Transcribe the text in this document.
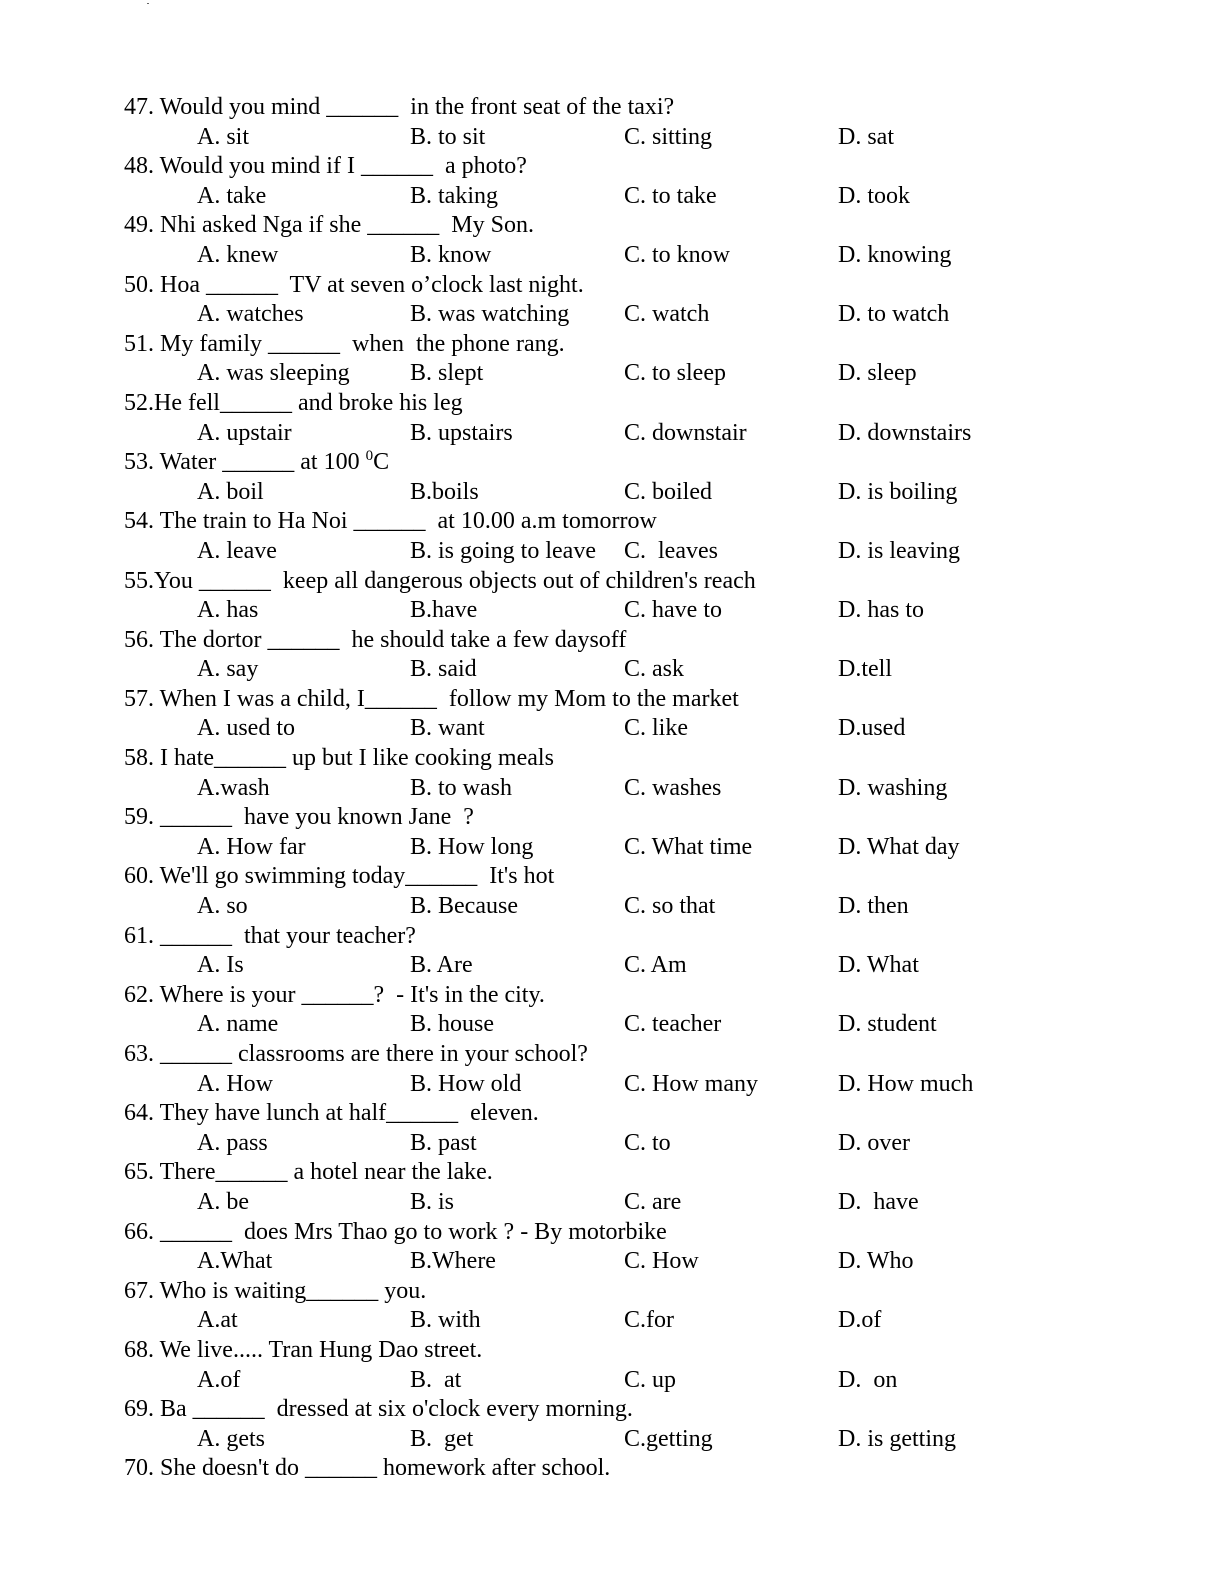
47. Would you mind ______  in the front seat of the taxi?
A. sit	B. to sit	C. sitting	D. sat
48. Would you mind if I ______  a photo?
A. take	B. taking	C. to take	D. took
49. Nhi asked Nga if she ______  My Son.
A. knew	B. know	C. to know	D. knowing
50. Hoa ______  TV at seven o’clock last night.
A. watches	B. was watching C. watch	D. to watch
51. My family ______  when  the phone rang.
A. was sleeping	B. slept	C. to sleep	D. sleep
52.He fell______ and broke his leg
A. upstair	B. upstairs	C. downstair	D. downstairs
53. Water ______ at 100 $^0$C
A. boil	B.boils	C. boiled	D. is boiling
54. The train to Ha Noi ______  at 10.00 a.m tomorrow
A. leave	B. is going to leave C.  leaves	D. is leaving
55.You ______  keep all dangerous objects out of children's reach
A. has	B.have	C. have to	D. has to
56. The dortor ______  he should take a few daysoff
A. say	B. said	C. ask	D.tell
57. When I was a child, I______  follow my Mom to the market
A. used to	B. want	C. like	D.used
58. I hate______ up but I like cooking meals
A.wash	B. to wash	C. washes	D. washing
59. ______  have you known Jane  ?
A. How far	B. How long	C. What time	D. What day
60. We'll go swimming today______  It's hot
A. so	B. Because	C. so that	D. then
61. ______  that your teacher?
A. Is	B. Are	C. Am	D. What
62. Where is your ______?  - It's in the city.
A. name	B. house	C. teacher	D. student
63. ______ classrooms are there in your school?
A. How	B. How old	C. How many	D. How much
64. They have lunch at half______  eleven.
A. pass	B. past	C. to	D. over
65. There______ a hotel near the lake.
A. be	B. is	C. are	D.  have
66. ______  does Mrs Thao go to work ? - By motorbike
A.What	B.Where	C. How	D. Who
67. Who is waiting______ you.
A.at	B. with	C.for	D.of
68. We live..... Tran Hung Dao street.
A.of	B.  at	C. up	D.  on
69. Ba ______  dressed at six o'clock every morning.
A. gets	B.  get	C.getting	D. is getting
70. She doesn't do ______ homework after school.
